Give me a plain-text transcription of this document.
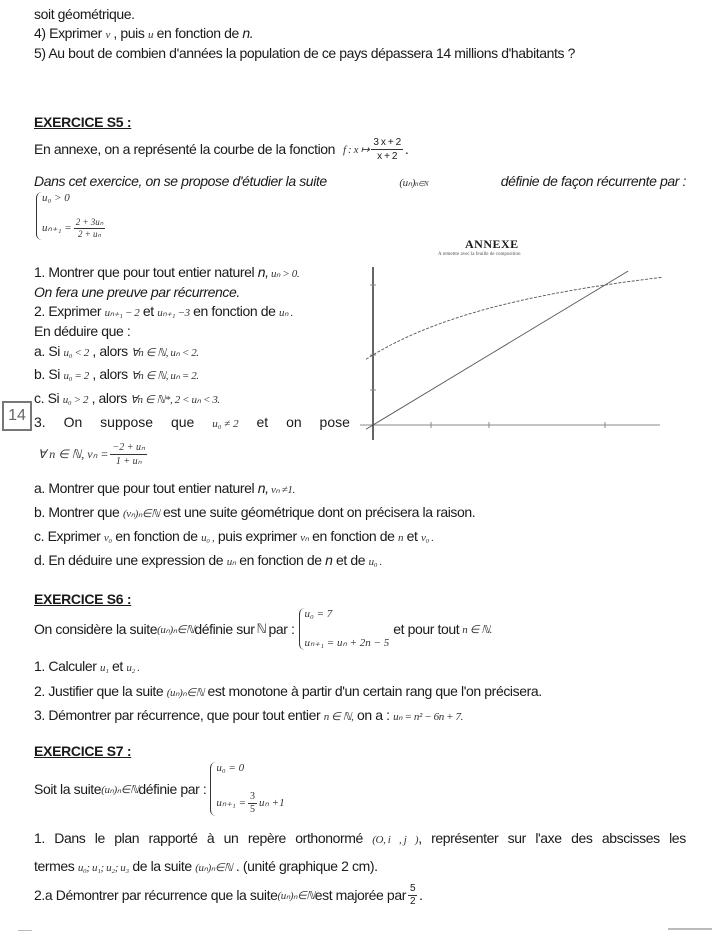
soit géométrique.
4) Exprimer v , puis u en fonction de n.
5) Au bout de combien d'années la population de ce pays dépassera 14 millions d'habitants ?
EXERCICE S5 :
En annexe, on a représenté la courbe de la fonction f : x ↦ $\frac{3 x + 2}{x + 2}$ .
Dans cet exercice, on se propose d'étudier la suite	(uₙ)n∈N	définie de façon récurrente par :
u₀ > 0
$u_{n+1} = \frac{\text{2 + 3uₙ}}{\text{2 + uₙ}}$
1. Montrer que pour tout entier naturel n, uₙ > 0.
On fera une preuve par récurrence.
2. Exprimer uₙ₊₁ − 2 et uₙ₊₁ −3 en fonction de uₙ .
En déduire que :
a. Si u₀ < 2 , alors ∀n ∈ ℕ, uₙ < 2.
b. Si u₀ = 2 , alors ∀n ∈ ℕ, uₙ = 2.
c. Si u₀ > 2 , alors ∀n ∈ ℕ*, 2 < uₙ < 3.
14 3. On suppose que u₀ ≠ 2 et on pose
∀ n ∈ ℕ, $v_n = \frac{\text{−2 + uₙ}}{\text{1 + uₙ}}$
ANNEXE
A remettre avec la feuille de composition
a. Montrer que pour tout entier naturel n, vₙ ≠1.
b. Montrer que (vₙ)ₙ∈ℕ est une suite géométrique dont on précisera la raison.
c. Exprimer v₀ en fonction de u₀ , puis exprimer vₙ en fonction de n et v₀ .
d. En déduire une expression de uₙ en fonction de n et de u₀ .
EXERCICE S6 :
On considère la suite (uₙ)ₙ∈ℕ définie sur ℕ par :
u₀ = 7
uₙ₊₁ = uₙ + 2n − 5
et pour tout n ∈ ℕ.
1. Calculer u₁ et u₂ .
2. Justifier que la suite (uₙ)ₙ∈ℕ est monotone à partir d'un certain rang que l'on précisera.
3. Démontrer par récurrence, que pour tout entier n ∈ ℕ, on a : uₙ = n² − 6n + 7.
EXERCICE S7 :
Soit la suite (uₙ)ₙ∈ℕ définie par :
u₀ = 0
$u_{n+1} = \frac{3}{5}$ uₙ +1
1. Dans le plan rapporté à un repère orthonormé (O, i⃗, j⃗), représenter sur l'axe des abscisses les
termes u₀; u₁; u₂; u₃ de la suite (uₙ)ₙ∈ℕ . (unité graphique 2 cm).
2.a Démontrer par récurrence que la suite (uₙ)ₙ∈ℕ est majorée par $\frac{5}{2}$ .
